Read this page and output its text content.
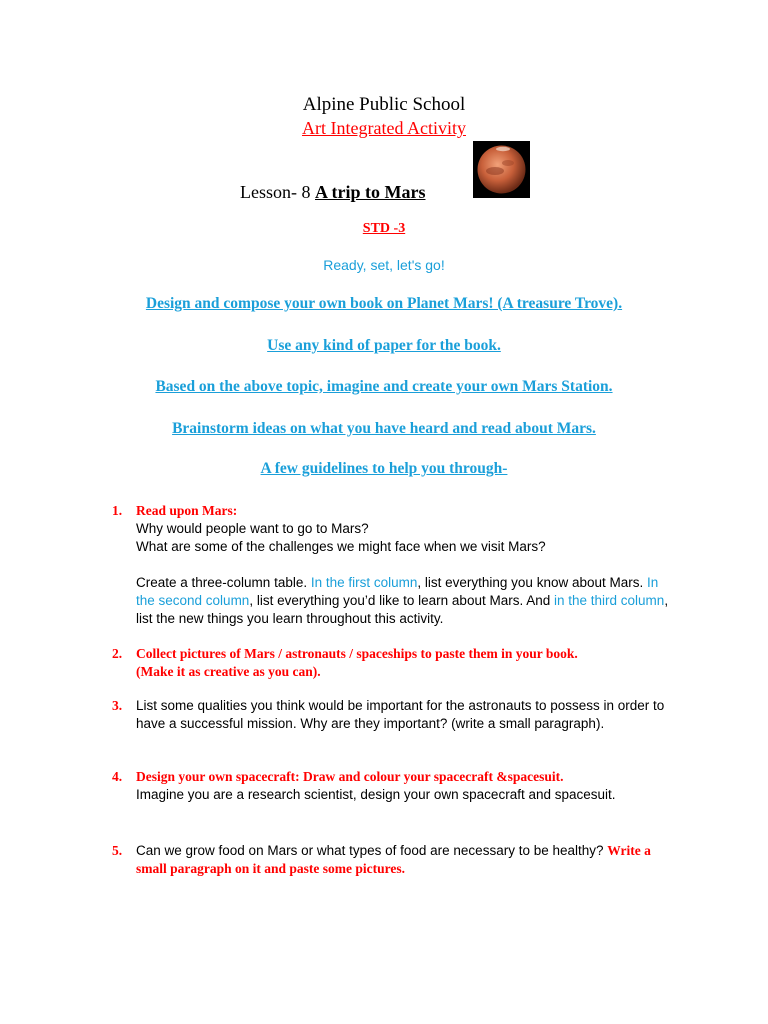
Alpine Public School
Art Integrated Activity
Lesson- 8 A trip to Mars
STD -3
Ready, set, let's go!
Design and compose your own book on Planet Mars! (A treasure Trove).
Use any kind of paper for the book.
Based on the above topic, imagine and create your own Mars Station.
Brainstorm ideas on what you have heard and read about Mars.
A few guidelines to help you through-
1. Read upon Mars:
Why would people want to go to Mars?
What are some of the challenges we might face when we visit Mars?
Create a three-column table. In the first column, list everything you know about Mars. In the second column, list everything you’d like to learn about Mars. And in the third column, list the new things you learn throughout this activity.
2. Collect pictures of Mars / astronauts / spaceships to paste them in your book.
(Make it as creative as you can).
3. List some qualities you think would be important for the astronauts to possess in order to have a successful mission. Why are they important? (write a small paragraph).
4. Design your own spacecraft: Draw and colour your spacecraft &spacesuit.
Imagine you are a research scientist, design your own spacecraft and spacesuit.
5. Can we grow food on Mars or what types of food are necessary to be healthy? Write a small paragraph on it and paste some pictures.
